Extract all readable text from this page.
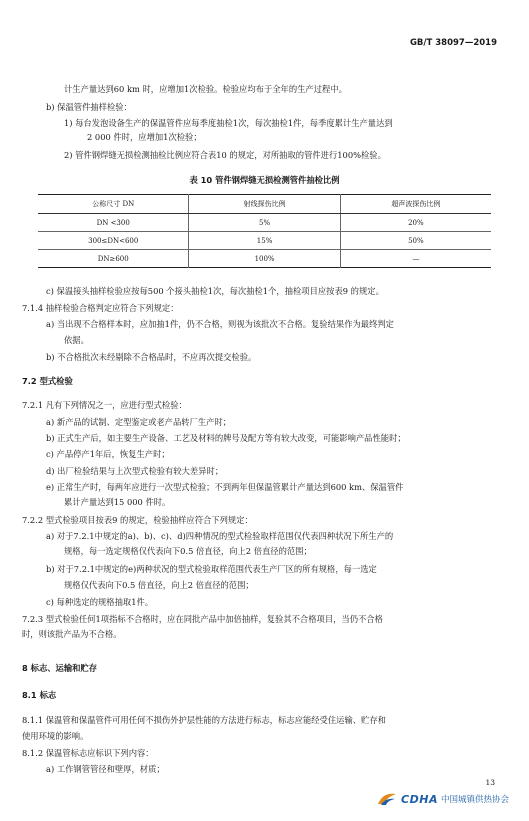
GB/T 38097—2019
计生产量达到60 km 时，应增加1次检验。检验应均布于全年的生产过程中。
b) 保温管件抽样检验：
1) 每台发泡设备生产的保温管件应每季度抽检1次，每次抽检1件，每季度累计生产量达到
2 000 件时，应增加1次检验；
2) 管件钢焊缝无损检测抽检比例应符合表10 的规定，对所抽取的管件进行100%检验。
表 10 管件钢焊缝无损检测管件抽检比例
公称尺寸 DN	射线探伤比例	超声波探伤比例
DN <300	5%	20%
300≤DN<600	15%	50%
DN≥600	100%	—
c) 保温接头抽样检验应按每500 个接头抽检1次，每次抽检1个，抽检项目应按表9 的规定。
7.1.4 抽样检验合格判定应符合下列规定：
a) 当出现不合格样本时，应加抽1件，仍不合格，则视为该批次不合格。复验结果作为最终判定
依据。
b) 不合格批次未经剔除不合格品时，不应再次提交检验。
7.2 型式检验
7.2.1 凡有下列情况之一，应进行型式检验：
a) 新产品的试制、定型鉴定或老产品转厂生产时；
b) 正式生产后，如主要生产设备、工艺及材料的牌号及配方等有较大改变，可能影响产品性能时；
c) 产品停产1年后，恢复生产时；
d) 出厂检验结果与上次型式检验有较大差异时；
e) 正常生产时，每两年应进行一次型式检验；不到两年但保温管累计产量达到600 km、保温管件
累计产量达到15 000 件时。
7.2.2 型式检验项目按表9 的规定，检验抽样应符合下列规定：
a) 对于7.2.1中规定的a)、b)、c)、d)四种情况的型式检验取样范围仅代表四种状况下所生产的
规格，每一选定规格仅代表向下0.5 倍直径，向上2 倍直径的范围；
b) 对于7.2.1中规定的e)两种状况的型式检验取样范围代表生产厂区的所有规格，每一选定
规格仅代表向下0.5 倍直径，向上2 倍直径的范围；
c) 每种选定的规格抽取1件。
7.2.3 型式检验任何1项指标不合格时，应在同批产品中加倍抽样，复验其不合格项目，当仍不合格
时，则该批产品为不合格。
8 标志、运输和贮存
8.1 标志
8.1.1 保温管和保温管件可用任何不损伤外护层性能的方法进行标志，标志应能经受住运输、贮存和
使用环境的影响。
8.1.2 保温管标志应标识下列内容：
a) 工作钢管管径和壁厚，材质；
13
CDHA 中国城镇供热协会
